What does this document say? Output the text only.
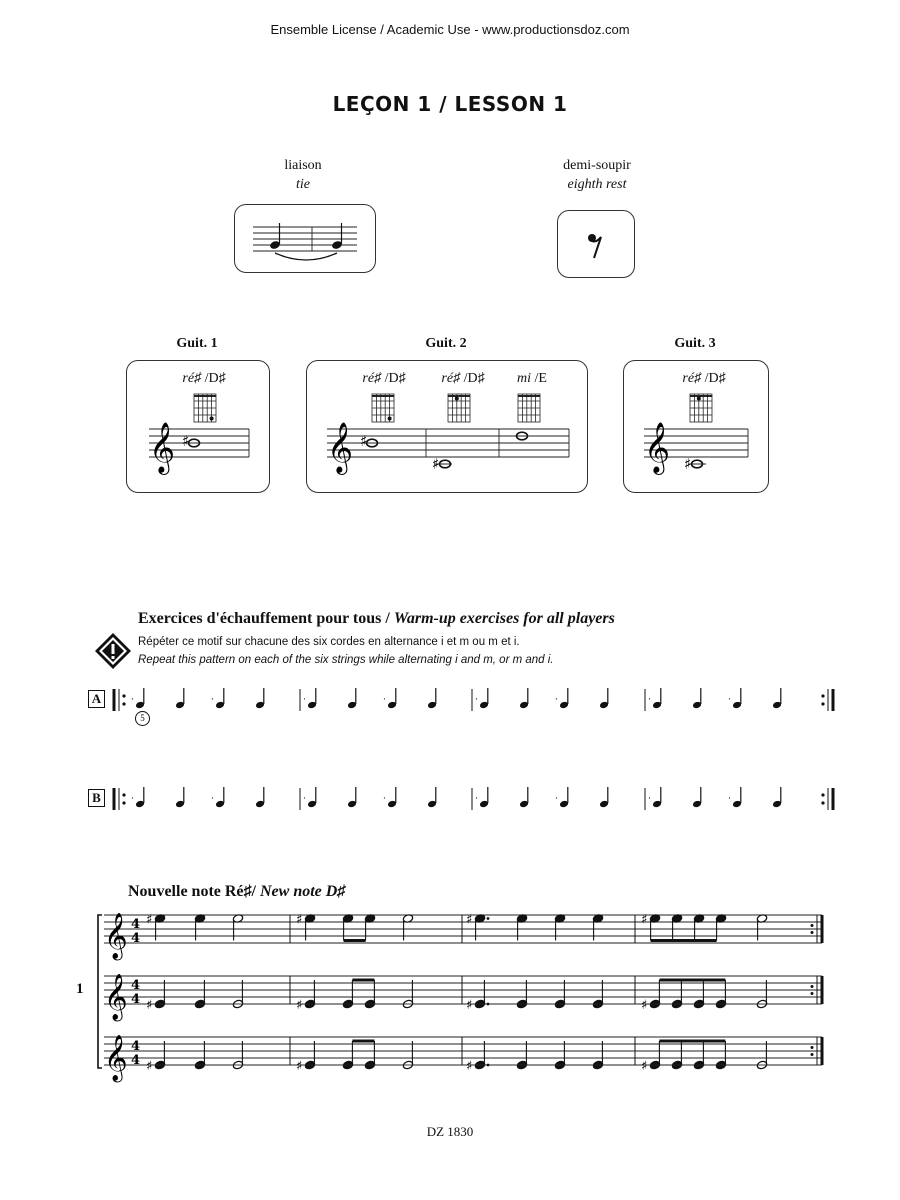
Ensemble License / Academic Use - www.productionsdoz.com
LEÇON 1 / LESSON 1
liaison
tie
demi-soupir
eighth rest
Guit. 1	Guit. 2	Guit. 3
ré♯ /D♯
𝄞 ♯
ré♯ /D♯	ré♯ /D♯	mi /E
𝄞 ♯
♯
ré♯ /D♯
𝄞 ♯
Exercices d'échauffement pour tous / Warm-up exercises for all players
Répéter ce motif sur chacune des six cordes en alternance i et m ou m et i.
Repeat this pattern on each of the six strings while alternating i and m, or m and i.
A
5
·	·	·	·	·	·	·	·
B	·	·	·	·	·	·	·	·
Nouvelle note Ré♯/ New note D♯
1
𝄞 4
4
♯	♯	♯	♯
𝄞 4
4 ♯	♯	♯	♯
𝄞 4
4 ♯	♯	♯	♯
DZ 1830
